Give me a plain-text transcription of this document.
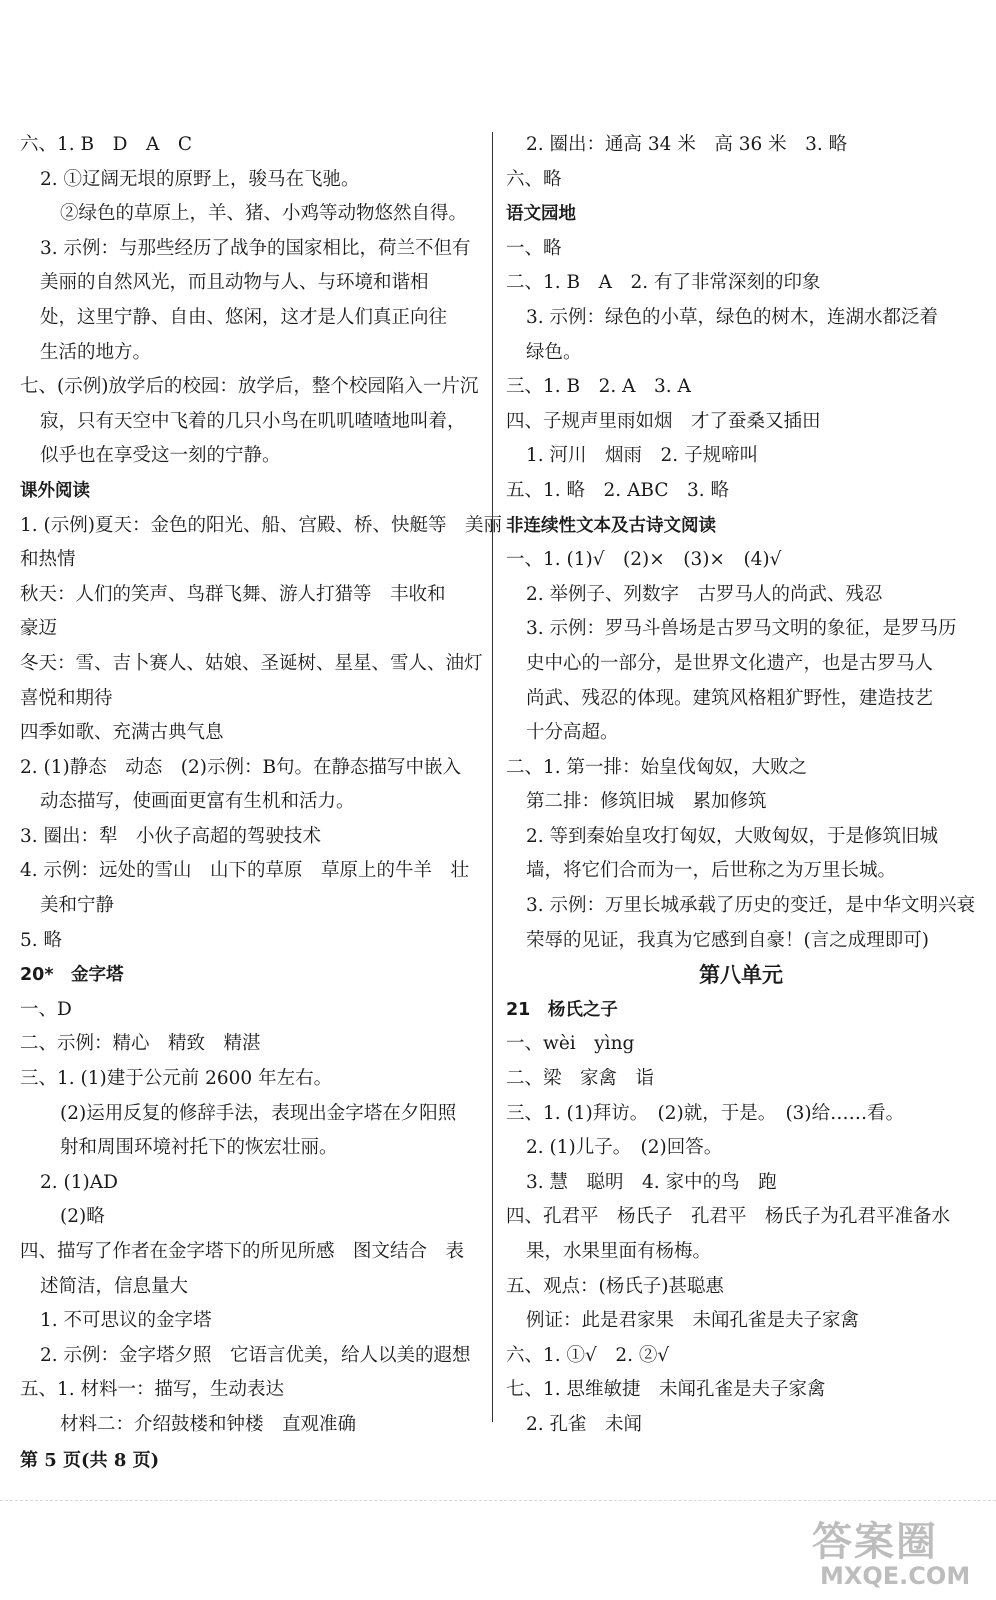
六、1. B　D　A　C
2. ①辽阔无垠的原野上，骏马在飞驰。
②绿色的草原上，羊、猪、小鸡等动物悠然自得。
3. 示例：与那些经历了战争的国家相比，荷兰不但有
美丽的自然风光，而且动物与人、与环境和谐相
处，这里宁静、自由、悠闲，这才是人们真正向往
生活的地方。
七、(示例)放学后的校园：放学后，整个校园陷入一片沉
寂，只有天空中飞着的几只小鸟在叽叽喳喳地叫着，
似乎也在享受这一刻的宁静。
课外阅读
1. (示例)夏天：金色的阳光、船、宫殿、桥、快艇等　美丽
和热情
秋天：人们的笑声、鸟群飞舞、游人打猎等　丰收和
豪迈
冬天：雪、吉卜赛人、姑娘、圣诞树、星星、雪人、油灯
喜悦和期待
四季如歌、充满古典气息
2. (1)静态　动态　(2)示例：B句。在静态描写中嵌入
动态描写，使画面更富有生机和活力。
3. 圈出：犁　小伙子高超的驾驶技术
4. 示例：远处的雪山　山下的草原　草原上的牛羊　壮
美和宁静
5. 略
20*　金字塔
一、D
二、示例：精心　精致　精湛
三、1. (1)建于公元前 2600 年左右。
(2)运用反复的修辞手法，表现出金字塔在夕阳照
射和周围环境衬托下的恢宏壮丽。
2. (1)AD
(2)略
四、描写了作者在金字塔下的所见所感　图文结合　表
述简洁，信息量大
1. 不可思议的金字塔
2. 示例：金字塔夕照　它语言优美，给人以美的遐想
五、1. 材料一：描写，生动表达
材料二：介绍鼓楼和钟楼　直观准确
2. 圈出：通高 34 米　高 36 米　3. 略
六、略
语文园地
一、略
二、1. B　A　2. 有了非常深刻的印象
3. 示例：绿色的小草，绿色的树木，连湖水都泛着
绿色。
三、1. B　2. A　3. A
四、子规声里雨如烟　才了蚕桑又插田
1. 河川　烟雨　2. 子规啼叫
五、1. 略　2. ABC　3. 略
非连续性文本及古诗文阅读
一、1. (1)√　(2)×　(3)×　(4)√
2. 举例子、列数字　古罗马人的尚武、残忍
3. 示例：罗马斗兽场是古罗马文明的象征，是罗马历
史中心的一部分，是世界文化遗产，也是古罗马人
尚武、残忍的体现。建筑风格粗犷野性，建造技艺
十分高超。
二、1. 第一排：始皇伐匈奴，大败之
第二排：修筑旧城　累加修筑
2. 等到秦始皇攻打匈奴，大败匈奴，于是修筑旧城
墙，将它们合而为一，后世称之为万里长城。
3. 示例：万里长城承载了历史的变迁，是中华文明兴衰
荣辱的见证，我真为它感到自豪！(言之成理即可)
第八单元
21　杨氏之子
一、wèi　yìng
二、梁　家禽　诣
三、1. (1)拜访。　(2)就，于是。　(3)给……看。
2. (1)儿子。　(2)回答。
3. 慧　聪明　4. 家中的鸟　跑
四、孔君平　杨氏子　孔君平　杨氏子为孔君平准备水
果，水果里面有杨梅。
五、观点：(杨氏子)甚聪惠
例证：此是君家果　未闻孔雀是夫子家禽
六、1. ①√　2. ②√
七、1. 思维敏捷　未闻孔雀是夫子家禽
2. 孔雀　未闻
第 5 页(共 8 页)
答案圈
MXQE.COM
